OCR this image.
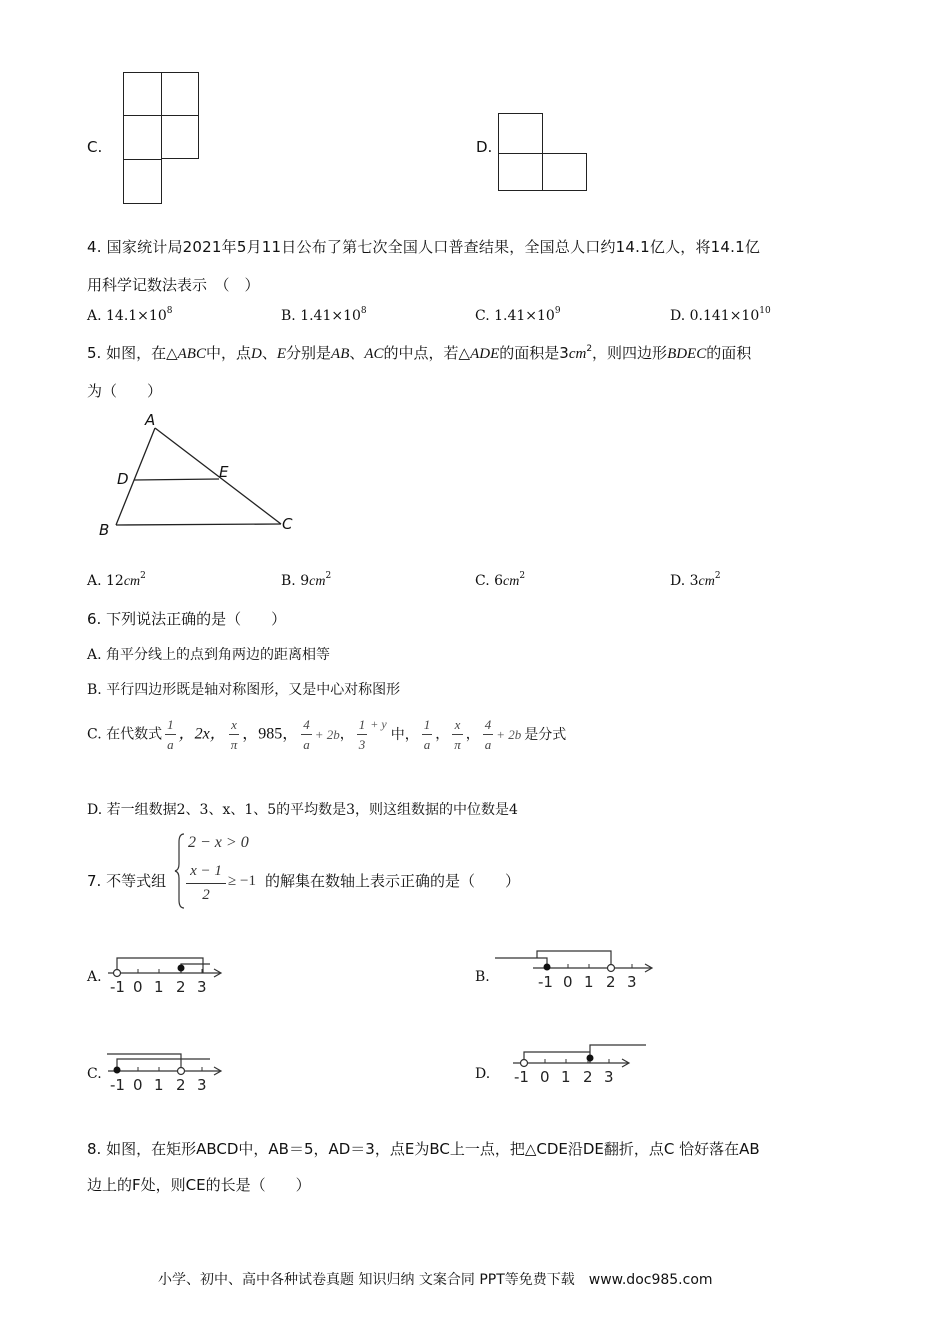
C.	D.
4. 国家统计局2021年5月11日公布了第七次全国人口普查结果，全国总人口约14.1亿人，将14.1亿
用科学记数法表示　（　）
A. $14.1\times 10^8$	B. $1.41\times 10^8$	C. $1.41\times 10^9$	D. $0.141\times 10^{10}$
5. 如图，在△ABC中，点D、E分别是AB、AC的中点，若△ADE的面积是$3cm^2$，则四边形BDEC的面积
为（　　）
A
D	E
B	C
A. $12cm^2$	B. $9cm^2$	C. $6cm^2$	D. $3cm^2$
6. 下列说法正确的是（　　）
A. 角平分线上的点到角两边的距离相等
B. 平行四边形既是轴对称图形，又是中心对称图形
C. 在代数式 $\frac{1}{a}$ ，2x， $\frac{x}{\pi}$ ，985， $\frac{4}{a} + 2b$， $\frac{1}{3} + y$中， $\frac{1}{a}$ ， $\frac{x}{\pi}$ ， $\frac{4}{a} + 2b$ 是分式
D. 若一组数据2、3、x、1、5的平均数是3，则这组数据的中位数是4
7. 不等式组
2 − x > 0
$\frac{x - 1}{2} \ge -1$ 的解集在数轴上表示正确的是（　　）
A.	B.
C.	D.
-1 0 1 2 3	-1 0 1 2 3
-1 0 1 2 3	-1 0 1 2 3
8. 如图，在矩形ABCD中，AB＝5，AD＝3，点E为BC上一点，把△CDE沿DE翻折，点C 恰好落在AB
边上的F处，则CE的长是（　　）
小学、初中、高中各种试卷真题 知识归纳 文案合同 PPT等免费下载　www.doc985.com
